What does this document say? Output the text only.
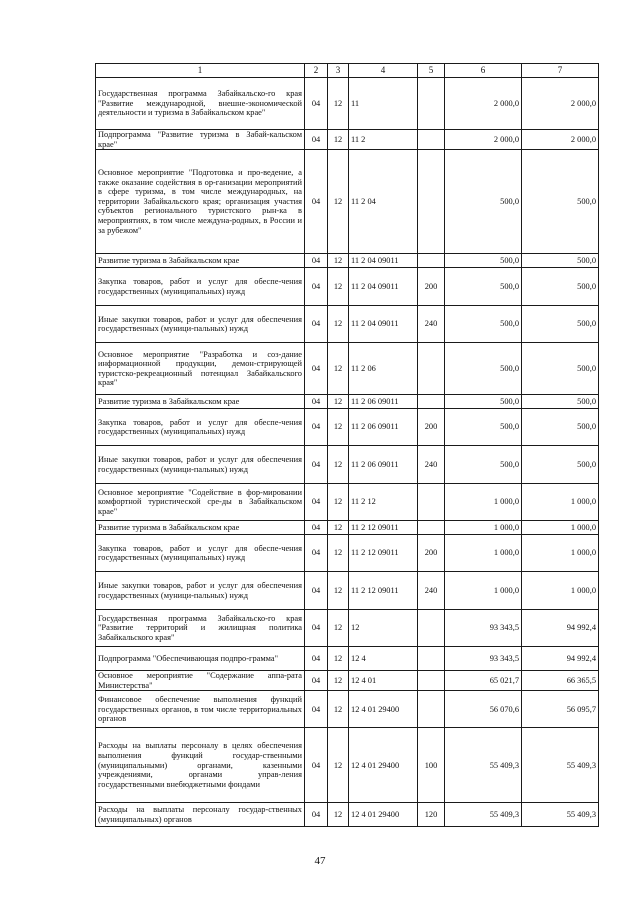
1	2	3	4	5	6	7
Государственная программа Забайкальско-го края "Развитие международной, внешне-экономической деятельности и туризма в Забайкальском крае"	04	12	11		2 000,0	2 000,0
Подпрограмма "Развитие туризма в Забай-кальском крае"	04	12	11 2		2 000,0	2 000,0
Основное мероприятие "Подготовка и про-ведение, а также оказание содействия в ор-ганизации мероприятий в сфере туризма, в том числе международных, на территории Забайкальского края; организация участия субъектов регионального туристского рын-ка в мероприятиях, в том числе междуна-родных, в России и за рубежом"	04	12	11 2 04		500,0	500,0
Развитие туризма в Забайкальском крае	04	12	11 2 04 09011		500,0	500,0
Закупка товаров, работ и услуг для обеспе-чения государственных (муниципальных) нужд	04	12	11 2 04 09011	200	500,0	500,0
Иные закупки товаров, работ и услуг для обеспечения государственных (муници-пальных) нужд	04	12	11 2 04 09011	240	500,0	500,0
Основное мероприятие "Разработка и соз-дание информационной продукции, демон-стрирующей туристско-рекреационный потенциал Забайкальского края"	04	12	11 2 06		500,0	500,0
Развитие туризма в Забайкальском крае	04	12	11 2 06 09011		500,0	500,0
Закупка товаров, работ и услуг для обеспе-чения государственных (муниципальных) нужд	04	12	11 2 06 09011	200	500,0	500,0
Иные закупки товаров, работ и услуг для обеспечения государственных (муници-пальных) нужд	04	12	11 2 06 09011	240	500,0	500,0
Основное мероприятие "Содействие в фор-мировании комфортной туристической сре-ды в Забайкальском крае"	04	12	11 2 12		1 000,0	1 000,0
Развитие туризма в Забайкальском крае	04	12	11 2 12 09011		1 000,0	1 000,0
Закупка товаров, работ и услуг для обеспе-чения государственных (муниципальных) нужд	04	12	11 2 12 09011	200	1 000,0	1 000,0
Иные закупки товаров, работ и услуг для обеспечения государственных (муници-пальных) нужд	04	12	11 2 12 09011	240	1 000,0	1 000,0
Государственная программа Забайкальско-го края "Развитие территорий и жилищная политика Забайкальского края"	04	12	12		93 343,5	94 992,4
Подпрограмма "Обеспечивающая подпро-грамма"	04	12	12 4		93 343,5	94 992,4
Основное мероприятие "Содержание аппа-рата Министерства"	04	12	12 4 01		65 021,7	66 365,5
Финансовое обеспечение выполнения функций государственных органов, в том числе территориальных органов	04	12	12 4 01 29400		56 070,6	56 095,7
Расходы на выплаты персоналу в целях обеспечения выполнения функций государ-ственными (муниципальными) органами, казенными учреждениями, органами управ-ления государственными внебюджетными фондами	04	12	12 4 01 29400	100	55 409,3	55 409,3
Расходы на выплаты персоналу государ-ственных (муниципальных) органов	04	12	12 4 01 29400	120	55 409,3	55 409,3
47
